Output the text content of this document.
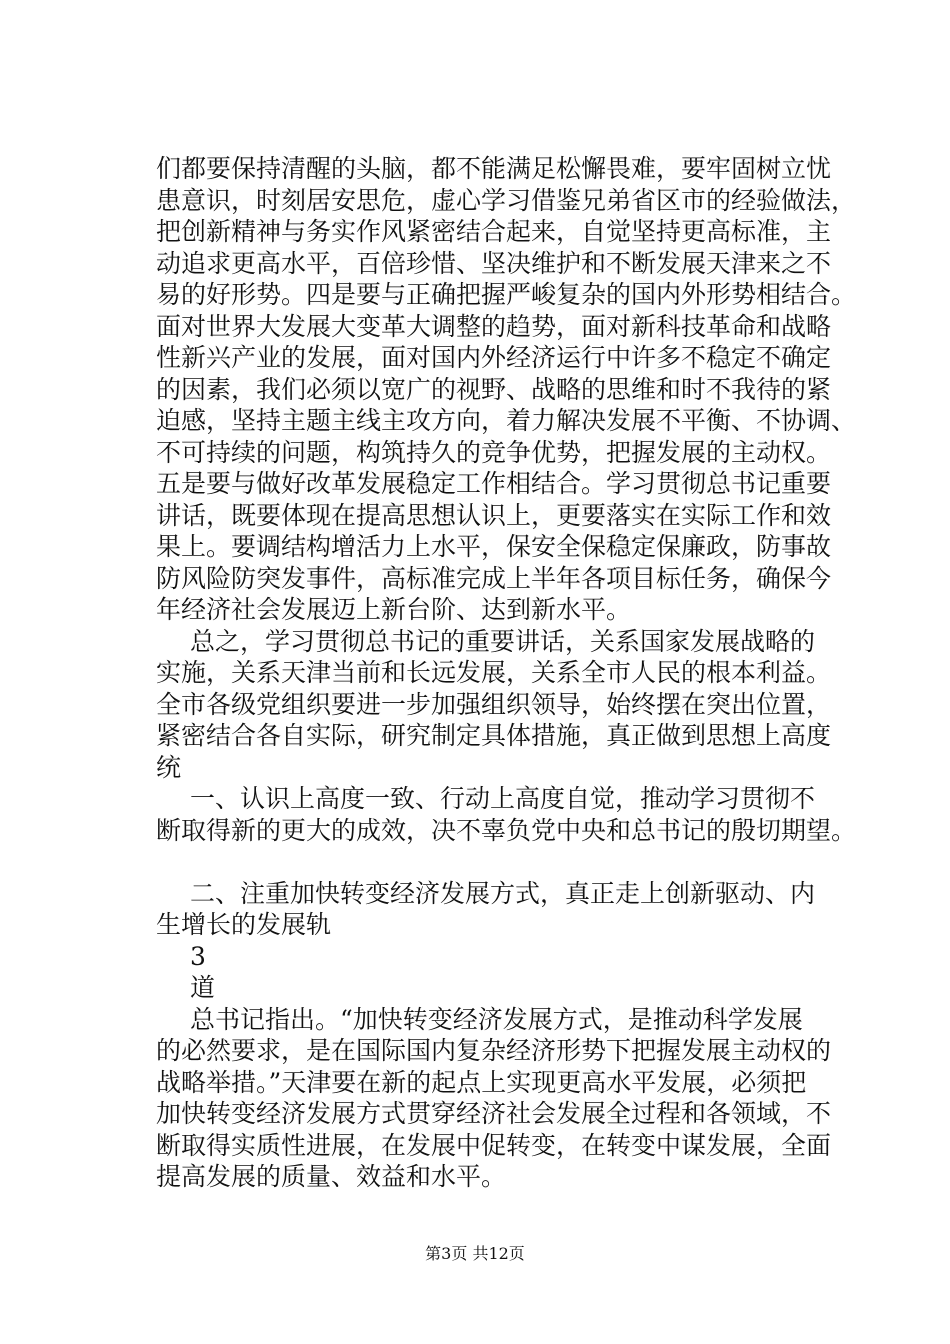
们都要保持清醒的头脑，都不能满足松懈畏难，要牢固树立忧
患意识，时刻居安思危，虚心学习借鉴兄弟省区市的经验做法，
把创新精神与务实作风紧密结合起来，自觉坚持更高标准，主
动追求更高水平，百倍珍惜、坚决维护和不断发展天津来之不
易的好形势。四是要与正确把握严峻复杂的国内外形势相结合。
面对世界大发展大变革大调整的趋势，面对新科技革命和战略
性新兴产业的发展，面对国内外经济运行中许多不稳定不确定
的因素，我们必须以宽广的视野、战略的思维和时不我待的紧
迫感，坚持主题主线主攻方向，着力解决发展不平衡、不协调、
不可持续的问题，构筑持久的竞争优势，把握发展的主动权。
五是要与做好改革发展稳定工作相结合。学习贯彻总书记重要
讲话，既要体现在提高思想认识上，更要落实在实际工作和效
果上。要调结构增活力上水平，保安全保稳定保廉政，防事故
防风险防突发事件，高标准完成上半年各项目标任务，确保今
年经济社会发展迈上新台阶、达到新水平。
总之，学习贯彻总书记的重要讲话，关系国家发展战略的
实施，关系天津当前和长远发展，关系全市人民的根本利益。
全市各级党组织要进一步加强组织领导，始终摆在突出位置，
紧密结合各自实际，研究制定具体措施，真正做到思想上高度
统
一、认识上高度一致、行动上高度自觉，推动学习贯彻不
断取得新的更大的成效，决不辜负党中央和总书记的殷切期望。
二、注重加快转变经济发展方式，真正走上创新驱动、内
生增长的发展轨
3
道
总书记指出。“加快转变经济发展方式，是推动科学发展
的必然要求，是在国际国内复杂经济形势下把握发展主动权的
战略举措。”天津要在新的起点上实现更高水平发展，必须把
加快转变经济发展方式贯穿经济社会发展全过程和各领域，不
断取得实质性进展，在发展中促转变，在转变中谋发展，全面
提高发展的质量、效益和水平。
第3页 共12页
